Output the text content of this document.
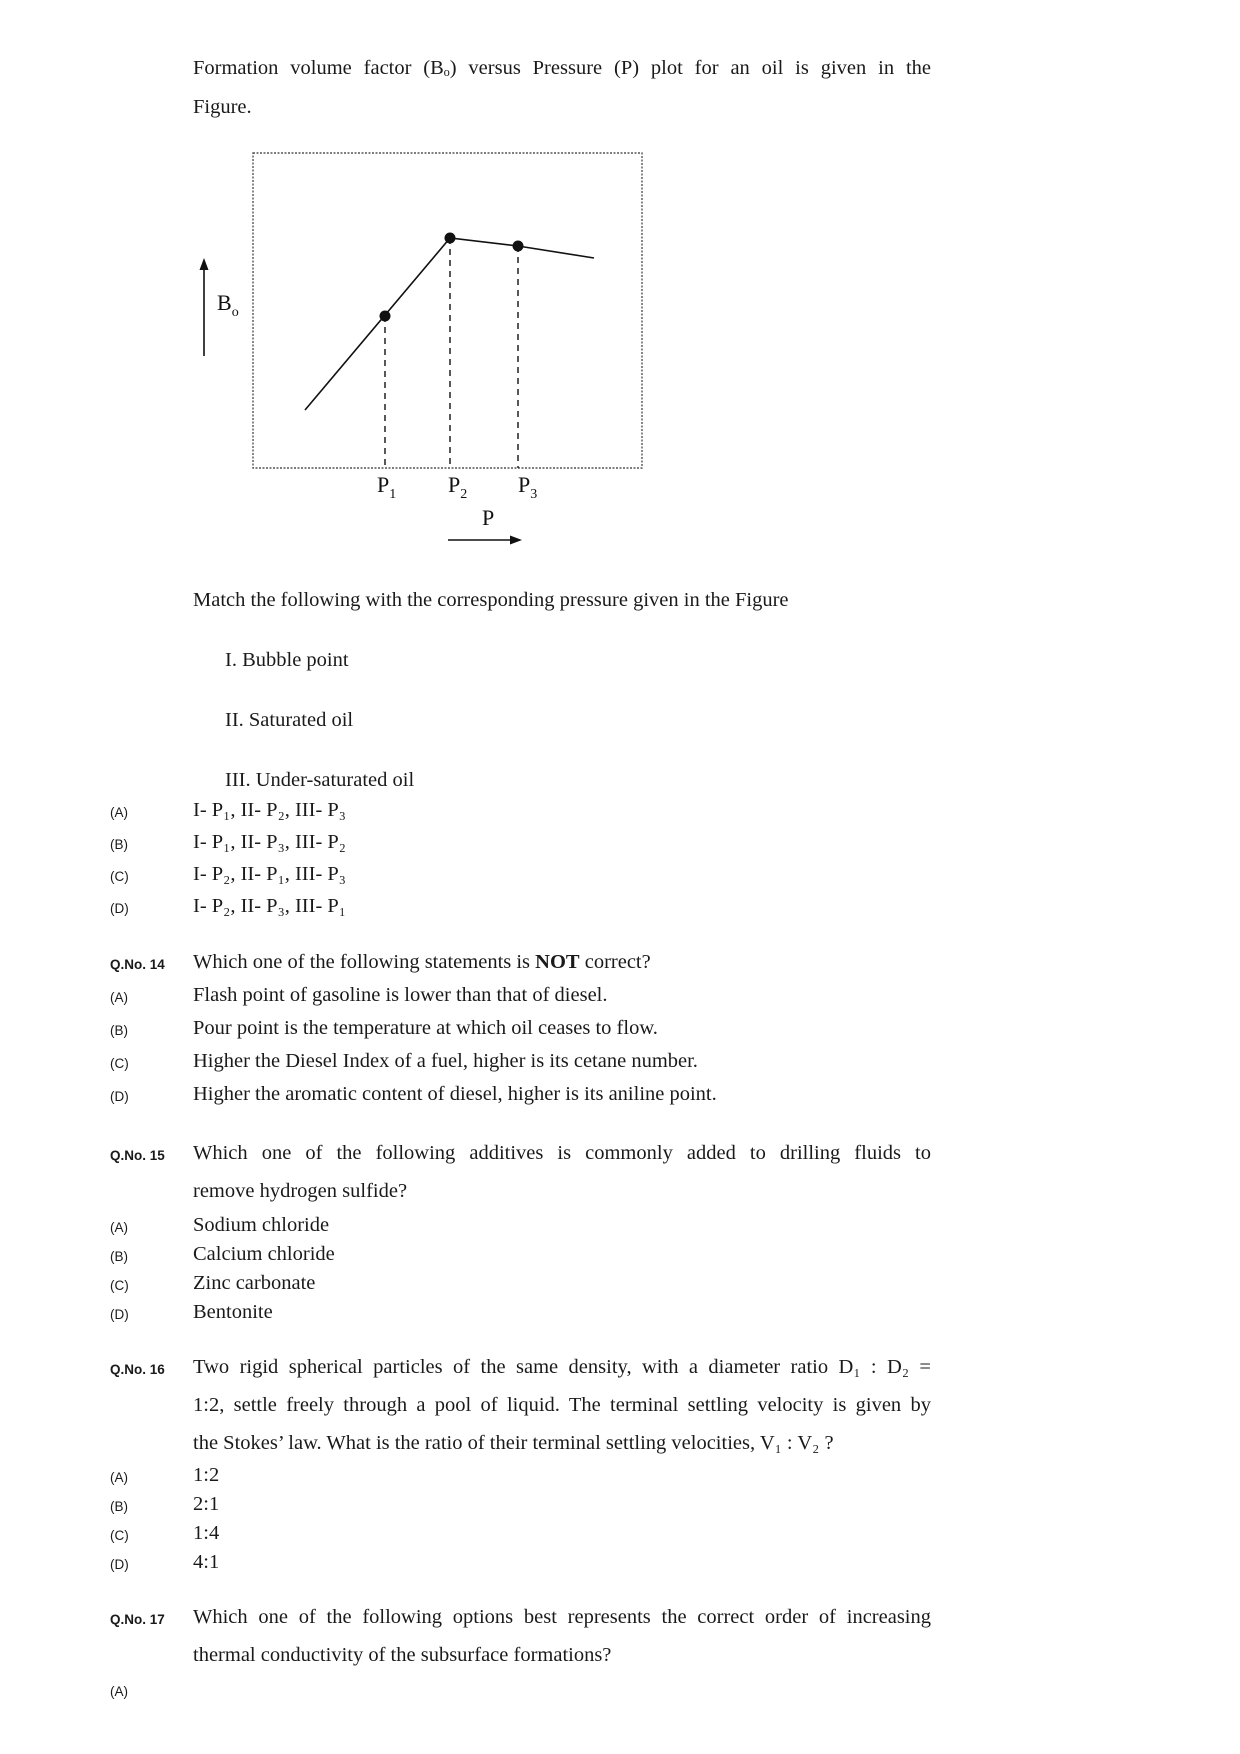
Formation volume factor (Bₒ) versus Pressure (P) plot for an oil is given in the
Figure.
$B_o$
$P_1$ $P_2$ $P_3$
P
Match the following with the corresponding pressure given in the Figure
I. Bubble point
II. Saturated oil
III. Under-saturated oil
(A)	I- P₁, II- P₂, III- P₃
(B)	I- P₁, II- P₃, III- P₂
(C)	I- P₂, II- P₁, III- P₃
(D)	I- P₂, II- P₃, III- P₁
Q.No. 14 Which one of the following statements is NOT correct?
(A)	Flash point of gasoline is lower than that of diesel.
(B)	Pour point is the temperature at which oil ceases to flow.
(C)	Higher the Diesel Index of a fuel, higher is its cetane number.
(D)	Higher the aromatic content of diesel, higher is its aniline point.
Q.No. 15 Which one of the following additives is commonly added to drilling fluids to
remove hydrogen sulfide?
(A)	Sodium chloride
(B)	Calcium chloride
(C)	Zinc carbonate
(D)	Bentonite
Q.No. 16 Two rigid spherical particles of the same density, with a diameter ratio D₁ : D₂ =
1:2, settle freely through a pool of liquid. The terminal settling velocity is given by
the Stokes’ law. What is the ratio of their terminal settling velocities, V₁ : V₂ ?
(A)	1:2
(B)	2:1
(C)	1:4
(D)	4:1
Q.No. 17 Which one of the following options best represents the correct order of increasing
thermal conductivity of the subsurface formations?
(A)
